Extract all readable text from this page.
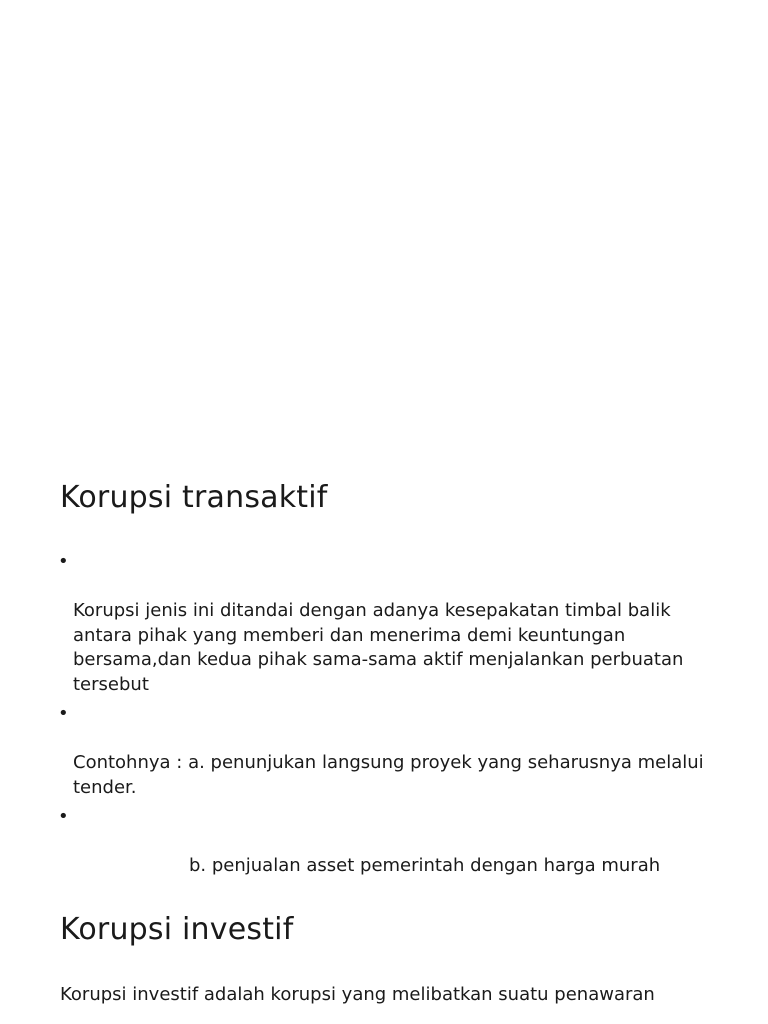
Korupsi transaktif

•

Korupsi jenis ini ditandai dengan adanya kesepakatan timbal balik
antara pihak yang memberi dan menerima demi keuntungan
bersama,dan kedua pihak sama-sama aktif menjalankan perbuatan
tersebut

•

Contohnya : a. penunjukan langsung proyek yang seharusnya melalui
tender.

•

b. penjualan asset pemerintah dengan harga murah

Korupsi investif

Korupsi investif adalah korupsi yang melibatkan suatu penawaran
